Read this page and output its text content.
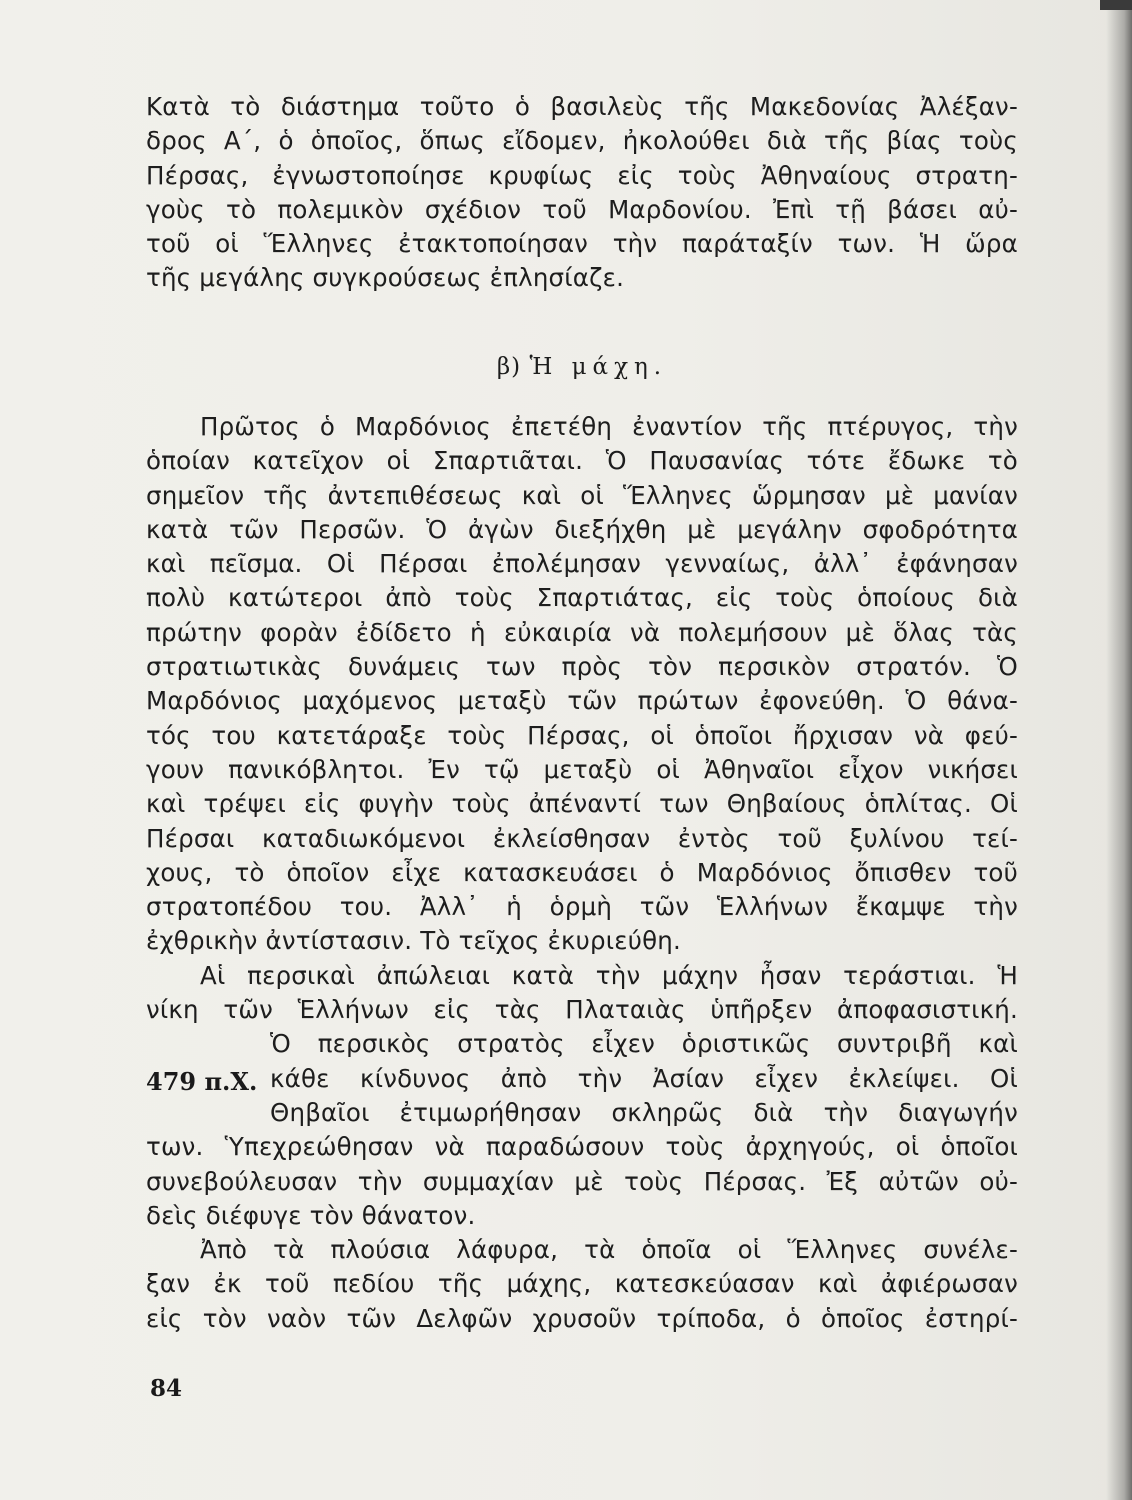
Κατὰ τὸ διάστημα τοῦτο ὁ βασιλεὺς τῆς Μακεδονίας Ἀλέξαν-
δρος Α΄, ὁ ὁποῖος, ὅπως εἴδομεν, ἠκολούθει διὰ τῆς βίας τοὺς
Πέρσας, ἐγνωστοποίησε κρυφίως εἰς τοὺς Ἀθηναίους στρατη-
γοὺς τὸ πολεμικὸν σχέδιον τοῦ Μαρδονίου. Ἐπὶ τῇ βάσει αὐ-
τοῦ οἱ Ἕλληνες ἐτακτοποίησαν τὴν παράταξίν των. Ἡ ὥρα
τῆς μεγάλης συγκρούσεως ἐπλησίαζε.
β) Ἡ μάχη.
Πρῶτος ὁ Μαρδόνιος ἐπετέθη ἐναντίον τῆς πτέρυγος, τὴν
ὁποίαν κατεῖχον οἱ Σπαρτιᾶται. Ὁ Παυσανίας τότε ἔδωκε τὸ
σημεῖον τῆς ἀντεπιθέσεως καὶ οἱ Ἕλληνες ὥρμησαν μὲ μανίαν
κατὰ τῶν Περσῶν. Ὁ ἀγὼν διεξήχθη μὲ μεγάλην σφοδρότητα
καὶ πεῖσμα. Οἱ Πέρσαι ἐπολέμησαν γενναίως, ἀλλ᾽ ἐφάνησαν
πολὺ κατώτεροι ἀπὸ τοὺς Σπαρτιάτας, εἰς τοὺς ὁποίους διὰ
πρώτην φορὰν ἐδίδετο ἡ εὐκαιρία νὰ πολεμήσουν μὲ ὅλας τὰς
στρατιωτικὰς δυνάμεις των πρὸς τὸν περσικὸν στρατόν. Ὁ
Μαρδόνιος μαχόμενος μεταξὺ τῶν πρώτων ἐφονεύθη. Ὁ θάνα-
τός του κατετάραξε τοὺς Πέρσας, οἱ ὁποῖοι ἤρχισαν νὰ φεύ-
γουν πανικόβλητοι. Ἐν τῷ μεταξὺ οἱ Ἀθηναῖοι εἶχον νικήσει
καὶ τρέψει εἰς φυγὴν τοὺς ἀπέναντί των Θηβαίους ὁπλίτας. Οἱ
Πέρσαι καταδιωκόμενοι ἐκλείσθησαν ἐντὸς τοῦ ξυλίνου τεί-
χους, τὸ ὁποῖον εἶχε κατασκευάσει ὁ Μαρδόνιος ὄπισθεν τοῦ
στρατοπέδου του. Ἀλλ᾽ ἡ ὁρμὴ τῶν Ἑλλήνων ἔκαμψε τὴν
ἐχθρικὴν ἀντίστασιν. Τὸ τεῖχος ἐκυριεύθη.
Αἱ περσικαὶ ἀπώλειαι κατὰ τὴν μάχην ἦσαν τεράστιαι. Ἡ
νίκη τῶν Ἑλλήνων εἰς τὰς Πλαταιὰς ὑπῆρξεν ἀποφασιστική.
Ὁ περσικὸς στρατὸς εἶχεν ὁριστικῶς συντριβῆ καὶ
κάθε κίνδυνος ἀπὸ τὴν Ἀσίαν εἶχεν ἐκλείψει. Οἱ
Θηβαῖοι ἐτιμωρήθησαν σκληρῶς διὰ τὴν διαγωγήν
των. Ὑπεχρεώθησαν νὰ παραδώσουν τοὺς ἀρχηγούς, οἱ ὁποῖοι
συνεβούλευσαν τὴν συμμαχίαν μὲ τοὺς Πέρσας. Ἐξ αὐτῶν οὐ-
δεὶς διέφυγε τὸν θάνατον.
Ἀπὸ τὰ πλούσια λάφυρα, τὰ ὁποῖα οἱ Ἕλληνες συνέλε-
ξαν ἐκ τοῦ πεδίου τῆς μάχης, κατεσκεύασαν καὶ ἀφιέρωσαν
εἰς τὸν ναὸν τῶν Δελφῶν χρυσοῦν τρίποδα, ὁ ὁποῖος ἐστηρί-
479 π.Χ.
84
